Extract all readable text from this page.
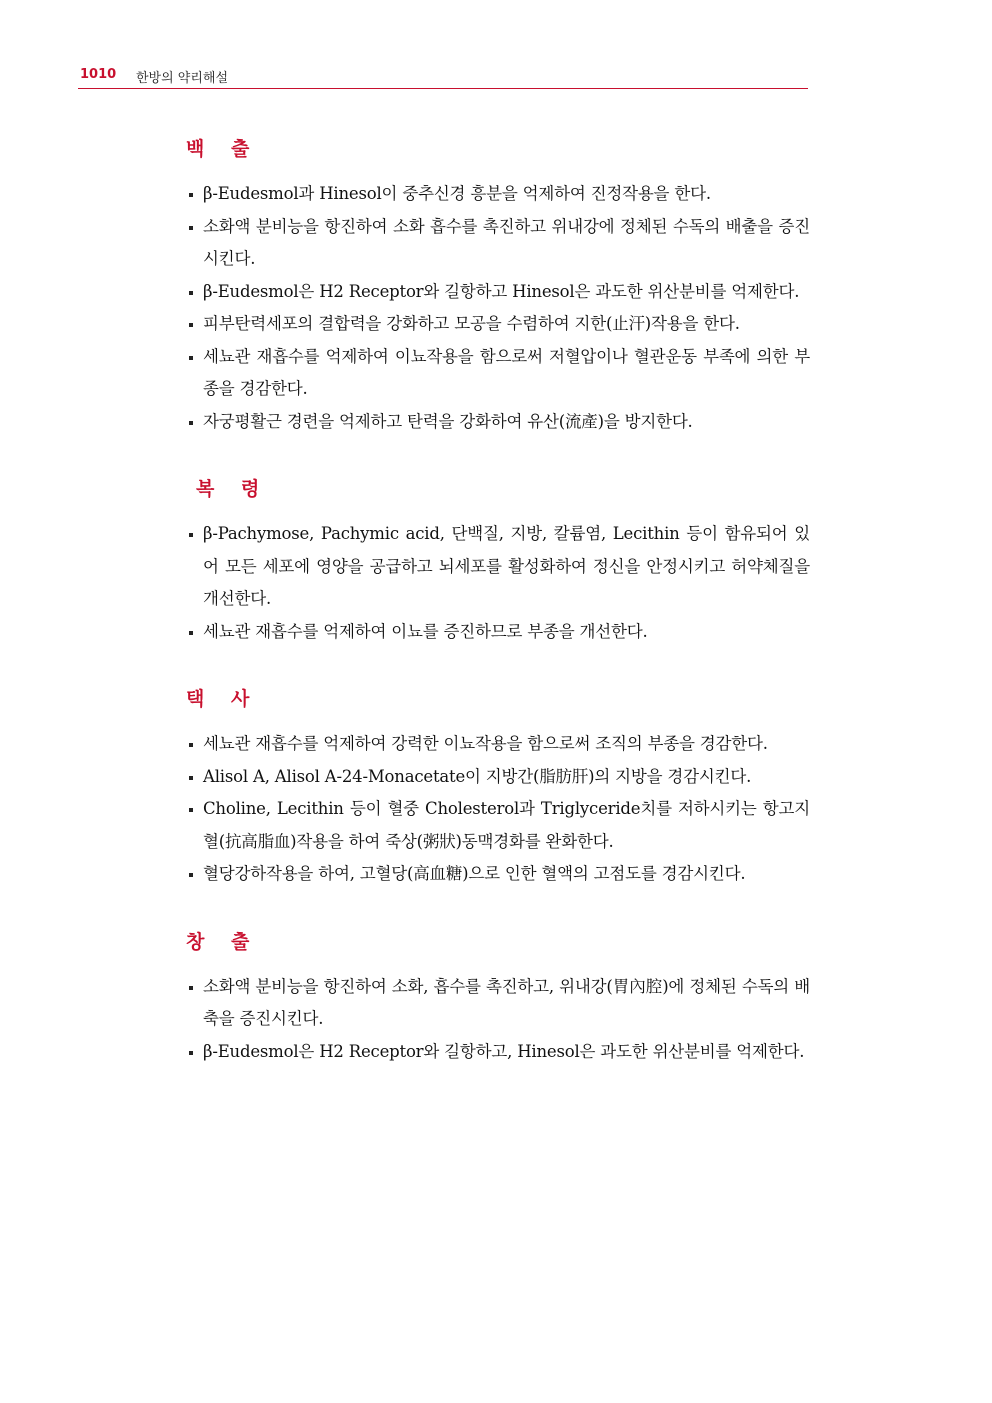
1010 한방의 약리해설
백 출
β-Eudesmol과 Hinesol이 중추신경 흥분을 억제하여 진정작용을 한다.
소화액 분비능을 항진하여 소화 흡수를 촉진하고 위내강에 정체된 수독의 배출을 증진시킨다.
β-Eudesmol은 H2 Receptor와 길항하고 Hinesol은 과도한 위산분비를 억제한다.
피부탄력세포의 결합력을 강화하고 모공을 수렴하여 지한(止汗)작용을 한다.
세뇨관 재흡수를 억제하여 이뇨작용을 함으로써 저혈압이나 혈관운동 부족에 의한 부종을 경감한다.
자궁평활근 경련을 억제하고 탄력을 강화하여 유산(流產)을 방지한다.
복 령
β-Pachymose, Pachymic acid, 단백질, 지방, 칼륨염, Lecithin 등이 함유되어 있어 모든 세포에 영양을 공급하고 뇌세포를 활성화하여 정신을 안정시키고 허약체질을 개선한다.
세뇨관 재흡수를 억제하여 이뇨를 증진하므로 부종을 개선한다.
택 사
세뇨관 재흡수를 억제하여 강력한 이뇨작용을 함으로써 조직의 부종을 경감한다.
Alisol A, Alisol A-24-Monacetate이 지방간(脂肪肝)의 지방을 경감시킨다.
Choline, Lecithin 등이 혈중 Cholesterol과 Triglyceride치를 저하시키는 항고지혈(抗高脂血)작용을 하여 죽상(粥狀)동맥경화를 완화한다.
혈당강하작용을 하여, 고혈당(高血糖)으로 인한 혈액의 고점도를 경감시킨다.
창 출
소화액 분비능을 항진하여 소화, 흡수를 촉진하고, 위내강(胃內腔)에 정체된 수독의 배축을 증진시킨다.
β-Eudesmol은 H2 Receptor와 길항하고, Hinesol은 과도한 위산분비를 억제한다.
